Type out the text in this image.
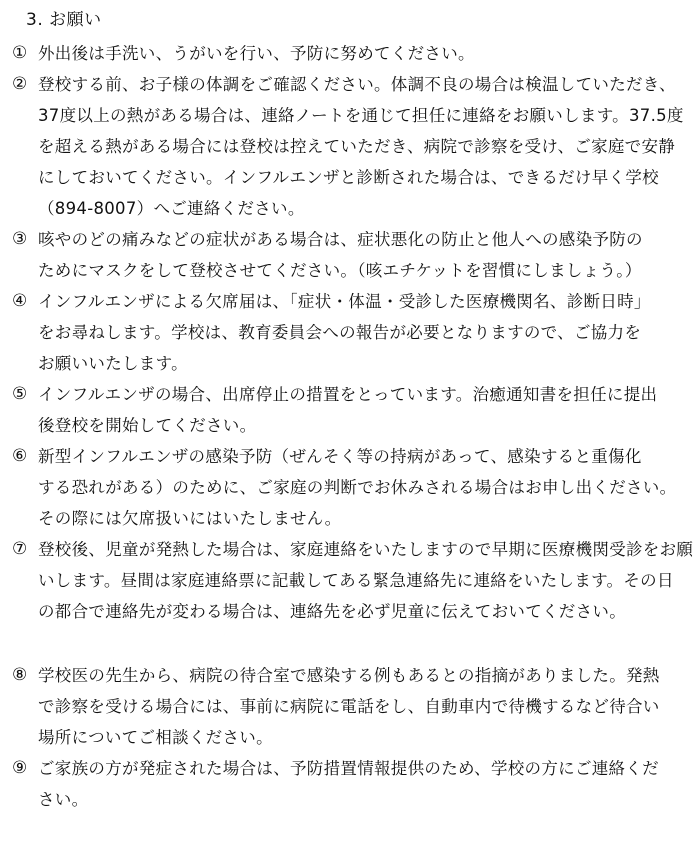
3. お願い
① 外出後は手洗い、うがいを行い、予防に努めてください。
② 登校する前、お子様の体調をご確認ください。体調不良の場合は検温していただき、
37度以上の熱がある場合は、連絡ノートを通じて担任に連絡をお願いします。37.5度
を超える熱がある場合には登校は控えていただき、病院で診察を受け、ご家庭で安静
にしておいてください。インフルエンザと診断された場合は、できるだけ早く学校
（894-8007）へご連絡ください。
③ 咳やのどの痛みなどの症状がある場合は、症状悪化の防止と他人への感染予防の
ためにマスクをして登校させてください。（咳エチケットを習慣にしましょう。）
④ インフルエンザによる欠席届は、「症状・体温・受診した医療機関名、診断日時」
をお尋ねします。学校は、教育委員会への報告が必要となりますので、ご協力を
お願いいたします。
⑤ インフルエンザの場合、出席停止の措置をとっています。治癒通知書を担任に提出
後登校を開始してください。
⑥ 新型インフルエンザの感染予防（ぜんそく等の持病があって、感染すると重傷化
する恐れがある）のために、ご家庭の判断でお休みされる場合はお申し出ください。
その際には欠席扱いにはいたしません。
⑦ 登校後、児童が発熱した場合は、家庭連絡をいたしますので早期に医療機関受診をお願
いします。昼間は家庭連絡票に記載してある緊急連絡先に連絡をいたします。その日
の都合で連絡先が変わる場合は、連絡先を必ず児童に伝えておいてください。
⑧ 学校医の先生から、病院の待合室で感染する例もあるとの指摘がありました。発熱
で診察を受ける場合には、事前に病院に電話をし、自動車内で待機するなど待合い
場所についてご相談ください。
⑨ ご家族の方が発症された場合は、予防措置情報提供のため、学校の方にご連絡くだ
さい。
